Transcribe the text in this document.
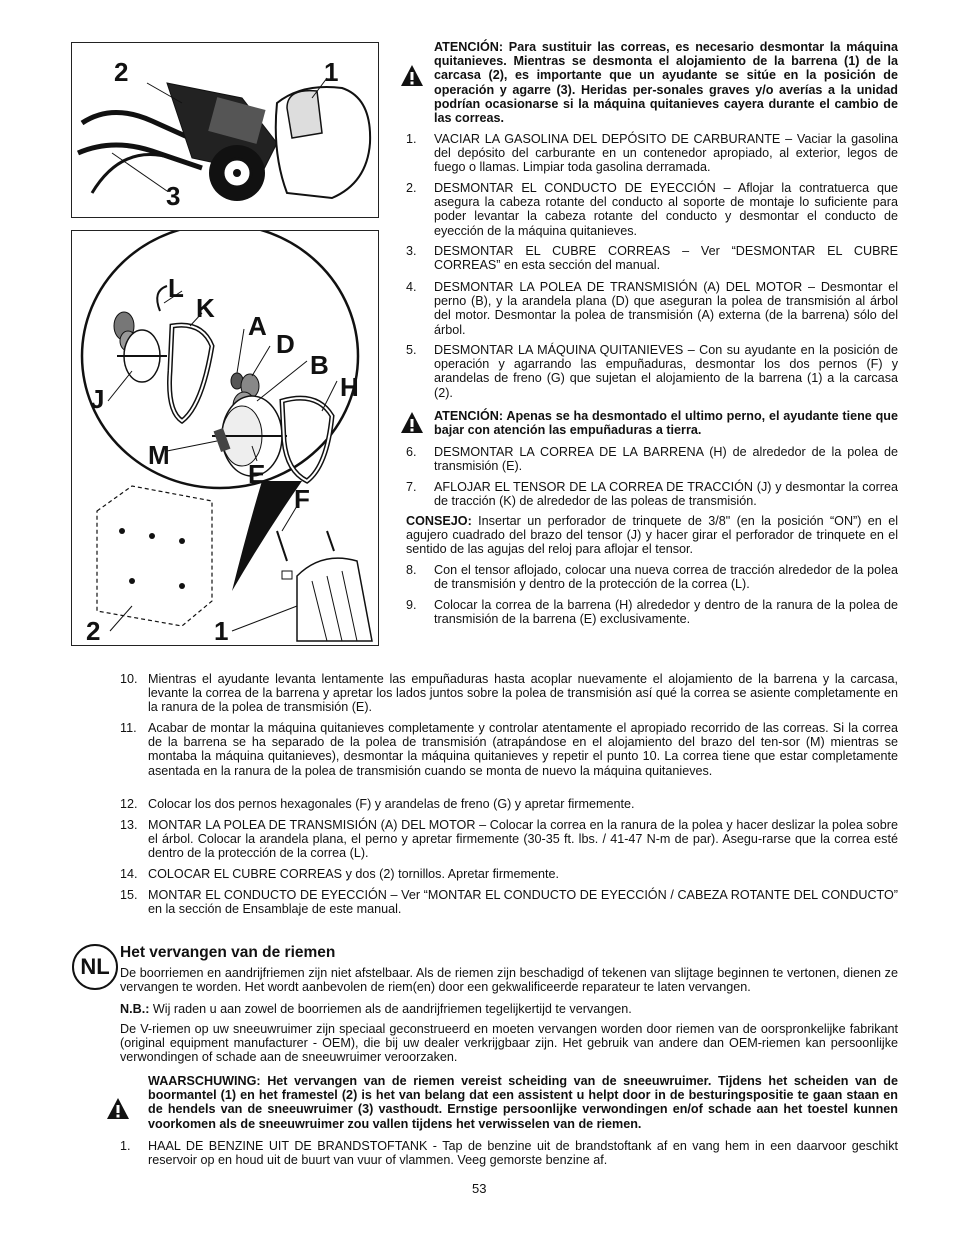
2	1
3
L
K
A
D
B
J	H
M
E
F
2	1

ATENCIÓN: Para sustituir las correas, es necesario desmontar la máquina quitanieves. Mientras se desmonta el alojamiento de la barrena (1) de la carcasa (2), es importante que un ayudante se sitúe en la posición de operación y agarre (3). Heridas per-sonales graves y/o averías a la unidad podrían ocasionarse si la máquina quitanieves cayera durante el cambio de las correas.

1. VACIAR LA GASOLINA DEL DEPÓSITO DE CARBURANTE – Vaciar la gasolina del depósito del carburante en un contenedor apropiado, al exterior, legos de fuego o llamas. Limpiar toda gasolina derramada.
2. DESMONTAR EL CONDUCTO DE EYECCIÓN – Aflojar la contratuerca que asegura la cabeza rotante del conducto al soporte de montaje lo suficiente para poder levantar la cabeza rotante del conducto y desmontar el conducto de eyección de la máquina quitanieves.
3. DESMONTAR EL CUBRE CORREAS – Ver “DESMONTAR EL CUBRE CORREAS” en esta sección del manual.
4. DESMONTAR LA POLEA DE TRANSMISIÓN (A) DEL MOTOR – Desmontar el perno (B), y la arandela plana (D) que aseguran la polea de transmisión al árbol del motor. Desmontar la polea de transmisión (A) externa (de la barrena) sólo del árbol.
5. DESMONTAR LA MÁQUINA QUITANIEVES – Con su ayudante en la posición de operación y agarrando las empuñaduras, desmontar los dos pernos (F) y arandelas de freno (G) que sujetan el alojamiento de la barrena (1) a la carcasa (2).

ATENCIÓN: Apenas se ha desmontado el ultimo perno, el ayudante tiene que bajar con atención las empuñaduras a tierra.

6. DESMONTAR LA CORREA DE LA BARRENA (H) de alrededor de la polea de transmisión (E).
7. AFLOJAR EL TENSOR DE LA CORREA DE TRACCIÓN (J) y desmontar la correa de tracción (K) de alrededor de las poleas de transmisión.

CONSEJO: Insertar un perforador de trinquete de 3/8" (en la posición “ON”) en el agujero cuadrado del brazo del tensor (J) y hacer girar el perforador de trinquete en el sentido de las agujas del reloj para aflojar el tensor.

8. Con el tensor aflojado, colocar una nueva correa de tracción alrededor de la polea de transmisión y dentro de la protección de la correa (L).
9. Colocar la correa de la barrena (H) alrededor y dentro de la ranura de la polea de transmisión de la barrena (E) exclusivamente.
10. Mientras el ayudante levanta lentamente las empuñaduras hasta acoplar nuevamente el alojamiento de la barrena y la carcasa, levante la correa de la barrena y apretar los lados juntos sobre la polea de transmisión así qué la correa se asiente completamente en la ranura de la polea de transmisión (E).
11. Acabar de montar la máquina quitanieves completamente y controlar atentamente el apropiado recorrido de las correas. Si la correa de la barrena se ha separado de la polea de transmisión (atrapándose en el alojamiento del brazo del ten-sor (M) mientras se montaba la máquina quitanieves), desmontar la máquina quitanieves y repetir el punto 10. La correa tiene que estar completamente asentada en la ranura de la polea de transmisión cuando se monta de nuevo la máquina quitanieves.
12. Colocar los dos pernos hexagonales (F) y arandelas de freno (G) y apretar firmemente.
13. MONTAR LA POLEA DE TRANSMISIÓN (A) DEL MOTOR – Colocar la correa en la ranura de la polea y hacer deslizar la polea sobre el árbol. Colocar la arandela plana, el perno y apretar firmemente (30-35 ft. lbs. / 41-47 N-m de par). Asegu-rarse que la correa esté dentro de la protección de la correa (L).
14. COLOCAR EL CUBRE CORREAS y dos (2) tornillos. Apretar firmemente.
15. MONTAR EL CONDUCTO DE EYECCIÓN – Ver “MONTAR EL CONDUCTO DE EYECCIÓN / CABEZA ROTANTE DEL CONDUCTO” en la sección de Ensamblaje de este manual.
NL
Het vervangen van de riemen

De boorriemen en aandrijfriemen zijn niet afstelbaar. Als de riemen zijn beschadigd of tekenen van slijtage beginnen te vertonen, dienen ze vervangen te worden. Het wordt aanbevolen de riem(en) door een gekwalificeerde reparateur te laten vervangen.

N.B.: Wij raden u aan zowel de boorriemen als de aandrijfriemen tegelijkertijd te vervangen.

De V-riemen op uw sneeuwruimer zijn speciaal geconstrueerd en moeten vervangen worden door riemen van de oorspronkelijke fabrikant (original equipment manufacturer - OEM), die bij uw dealer verkrijgbaar zijn. Het gebruik van andere dan OEM-riemen kan persoonlijke verwondingen of schade aan de sneeuwruimer veroorzaken.

WAARSCHUWING: Het vervangen van de riemen vereist scheiding van de sneeuwruimer. Tijdens het scheiden van de boormantel (1) en het framestel (2) is het van belang dat een assistent u helpt door in de besturingspositie te gaan staan en de hendels van de sneeuwruimer (3) vasthoudt. Ernstige persoonlijke verwondingen en/of schade aan het toestel kunnen voorkomen als de sneeuwruimer zou vallen tijdens het verwisselen van de riemen.

1. HAAL DE BENZINE UIT DE BRANDSTOFTANK - Tap de benzine uit de brandstoftank af en vang hem in een daarvoor geschikt reservoir op en houd uit de buurt van vuur of vlammen. Veeg gemorste benzine af.
53
